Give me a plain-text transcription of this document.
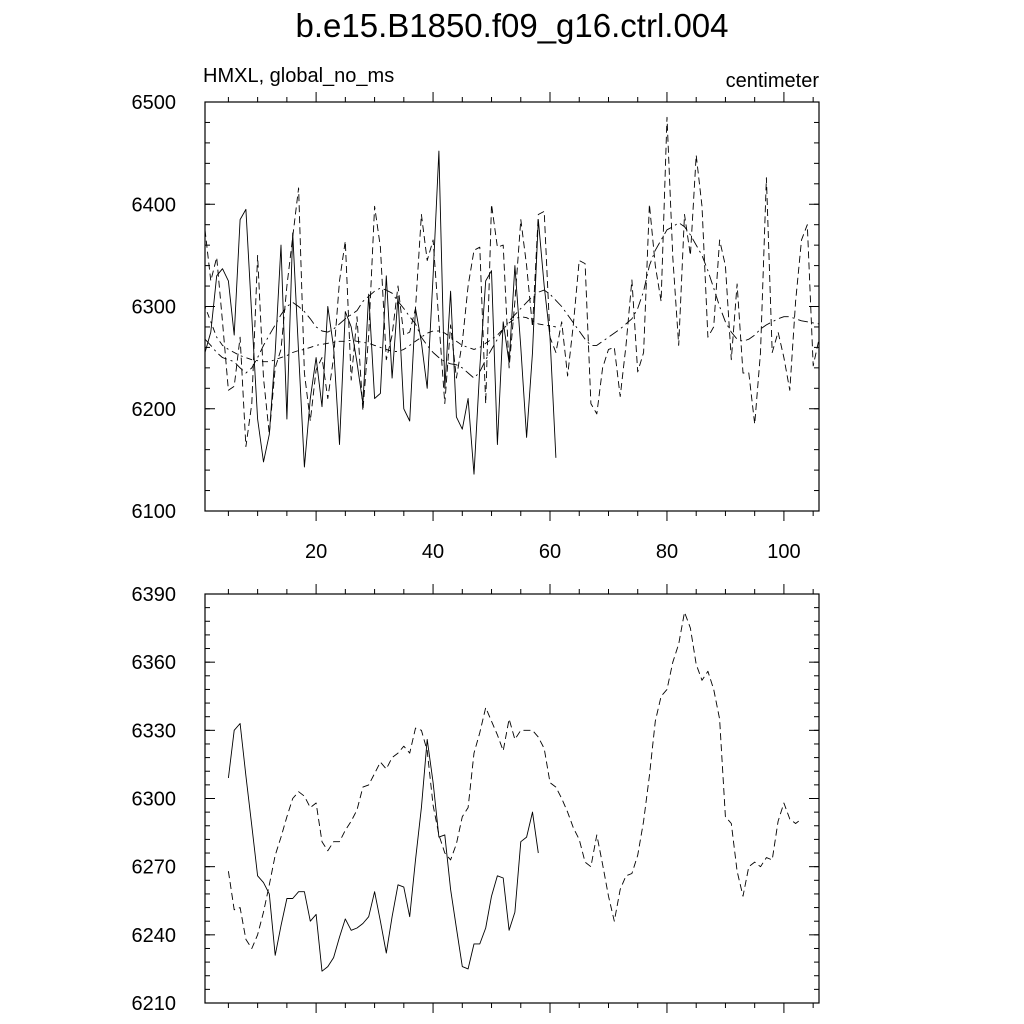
b.e15.B1850.f09_g16.ctrl.004
HMXL, global_no_ms	centimeter
6100
6200
6300
6400
6500
20	40	60	80	100
6210
6240
6270
6300
6330
6360
6390
